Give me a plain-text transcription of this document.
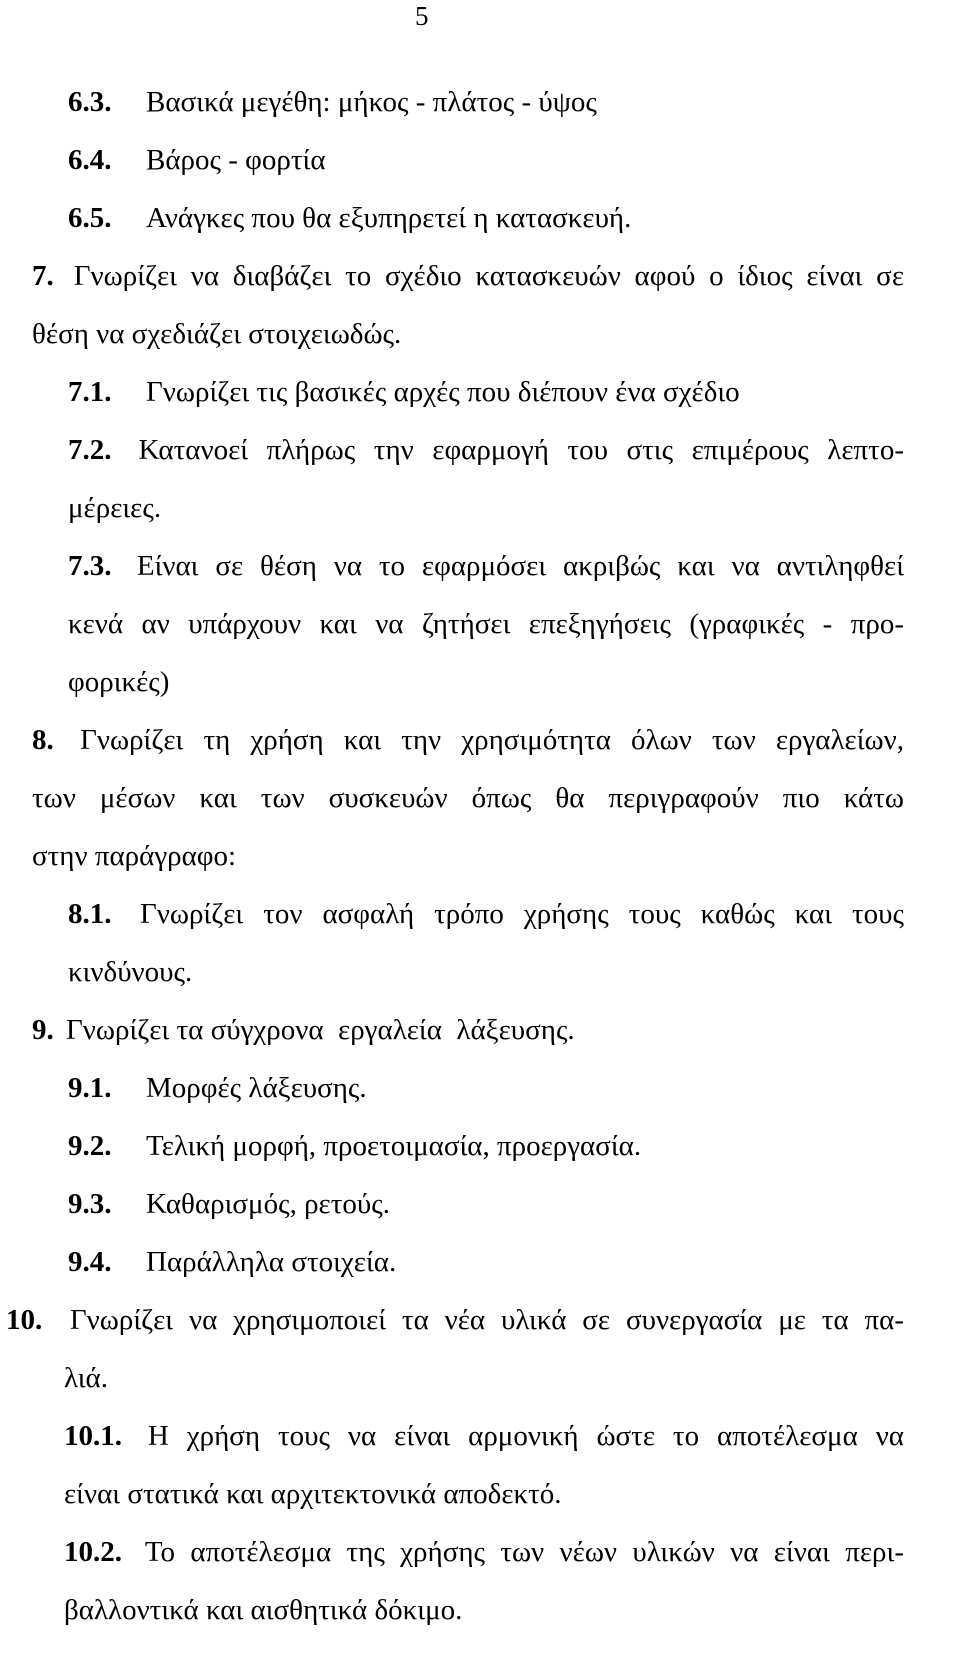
5
6.3. Βασικά μεγέθη: μήκος - πλάτος - ύψος
6.4. Βάρος - φορτία
6.5. Ανάγκες που θα εξυπηρετεί η κατασκευή.
7. Γνωρίζει να διαβάζει το σχέδιο κατασκευών αφού ο ίδιος είναι σε
θέση να σχεδιάζει στοιχειωδώς.
7.1. Γνωρίζει τις βασικές αρχές που διέπουν ένα σχέδιο
7.2. Κατανοεί πλήρως την εφαρμογή του στις επιμέρους λεπτο-
μέρειες.
7.3. Είναι σε θέση να το εφαρμόσει ακριβώς και να αντιληφθεί
κενά αν υπάρχουν και να ζητήσει επεξηγήσεις (γραφικές - προ-
φορικές)
8. Γνωρίζει τη χρήση και την χρησιμότητα όλων των εργαλείων,
των μέσων και των συσκευών όπως θα περιγραφούν πιο κάτω
στην παράγραφο:
8.1. Γνωρίζει τον ασφαλή τρόπο χρήσης τους καθώς και τους
κινδύνους.
9. Γνωρίζει τα σύγχρονα  εργαλεία  λάξευσης.
9.1. Μορφές λάξευσης.
9.2. Τελική μορφή, προετοιμασία, προεργασία.
9.3. Καθαρισμός, ρετούς.
9.4. Παράλληλα στοιχεία.
10. Γνωρίζει να χρησιμοποιεί τα νέα υλικά σε συνεργασία με τα πα-
λιά.
10.1. Η χρήση τους να είναι αρμονική ώστε το αποτέλεσμα να
είναι στατικά και αρχιτεκτονικά αποδεκτό.
10.2. Το αποτέλεσμα της χρήσης των νέων υλικών να είναι περι-
βαλλοντικά και αισθητικά δόκιμο.
